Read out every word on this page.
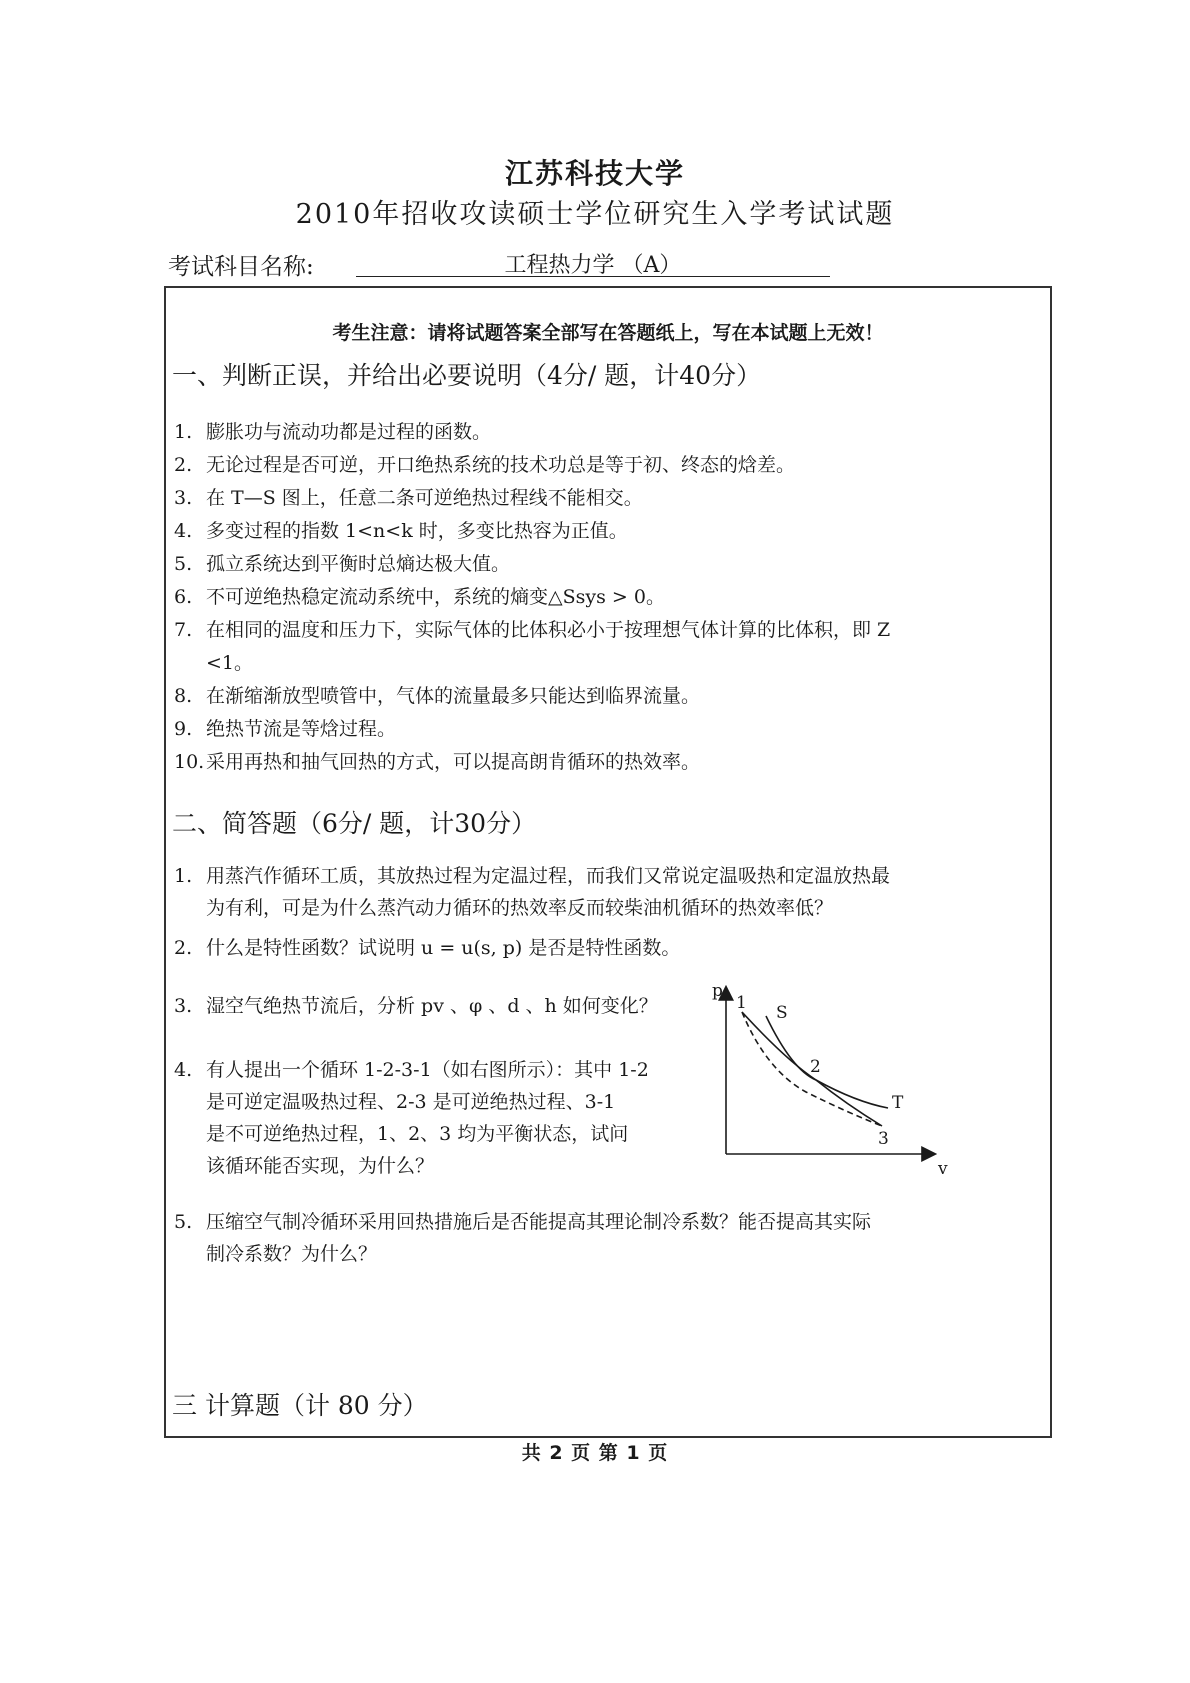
江苏科技大学
2010年招收攻读硕士学位研究生入学考试试题
考试科目名称:	工程热力学 （A）
考生注意：请将试题答案全部写在答题纸上，写在本试题上无效！
一、判断正误，并给出必要说明（4分/ 题，计40分）
1. 膨胀功与流动功都是过程的函数。
2. 无论过程是否可逆，开口绝热系统的技术功总是等于初、终态的焓差。
3. 在 T—S 图上，任意二条可逆绝热过程线不能相交。
4. 多变过程的指数 1<n<k 时，多变比热容为正值。
5. 孤立系统达到平衡时总熵达极大值。
6. 不可逆绝热稳定流动系统中，系统的熵变△Ssys > 0。
7. 在相同的温度和压力下，实际气体的比体积必小于按理想气体计算的比体积，即 Z
<1。
8. 在渐缩渐放型喷管中，气体的流量最多只能达到临界流量。
9. 绝热节流是等焓过程。
10.采用再热和抽气回热的方式，可以提高朗肯循环的热效率。
二、简答题（6分/ 题，计30分）
1. 用蒸汽作循环工质，其放热过程为定温过程，而我们又常说定温吸热和定温放热最
为有利，可是为什么蒸汽动力循环的热效率反而较柴油机循环的热效率低？
2. 什么是特性函数？试说明 u = u(s, p) 是否是特性函数。
3. 湿空气绝热节流后，分析 pv 、φ 、d 、h 如何变化？
4. 有人提出一个循环 1-2-3-1（如右图所示）：其中 1-2
是可逆定温吸热过程、2-3 是可逆绝热过程、3-1
是不可逆绝热过程，1、2、3 均为平衡状态，试问
该循环能否实现，为什么？
5. 压缩空气制冷循环采用回热措施后是否能提高其理论制冷系数？能否提高其实际
制冷系数？为什么？
三 计算题（计 80 分）
p
v
1
2
3
S
T
共 2 页 第 1 页
